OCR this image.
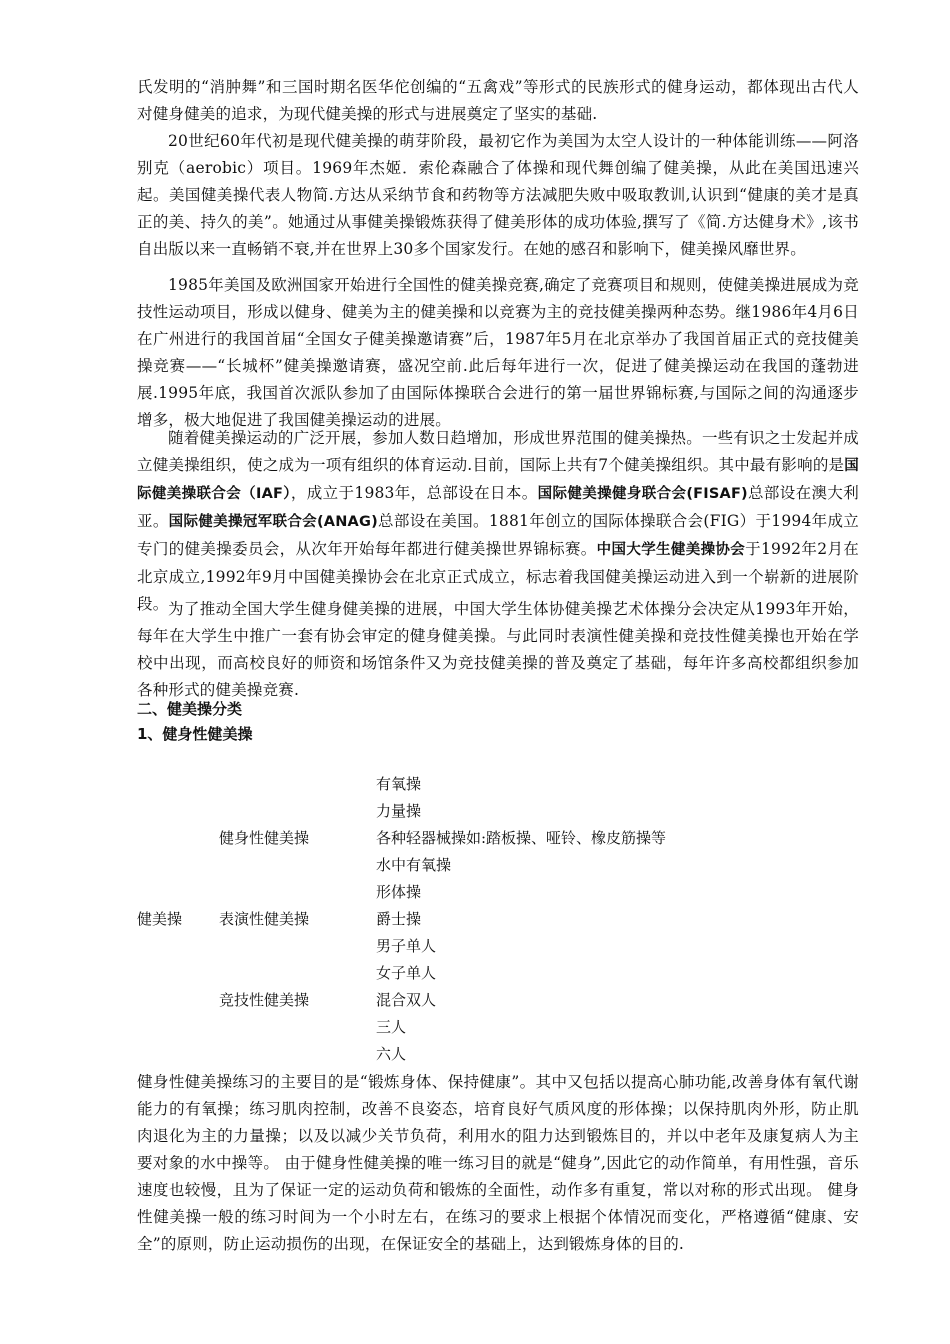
氏发明的“消肿舞”和三国时期名医华佗创编的“五禽戏”等形式的民族形式的健身运动，都体现出古代人对健身健美的追求，为现代健美操的形式与进展奠定了坚实的基础.

20世纪60年代初是现代健美操的萌芽阶段，最初它作为美国为太空人设计的一种体能训练——阿洛别克（aerobic）项目。1969年杰姬．索伦森融合了体操和现代舞创编了健美操，从此在美国迅速兴起。美国健美操代表人物简.方达从采纳节食和药物等方法减肥失败中吸取教训,认识到“健康的美才是真正的美、持久的美”。她通过从事健美操锻炼获得了健美形体的成功体验,撰写了《简.方达健身术》,该书自出版以来一直畅销不衰,并在世界上30多个国家发行。在她的感召和影响下，健美操风靡世界。

1985年美国及欧洲国家开始进行全国性的健美操竞赛,确定了竞赛项目和规则，使健美操进展成为竞技性运动项目，形成以健身、健美为主的健美操和以竞赛为主的竞技健美操两种态势。继1986年4月6日在广州进行的我国首届“全国女子健美操邀请赛”后，1987年5月在北京举办了我国首届正式的竞技健美操竞赛——“长城杯”健美操邀请赛，盛况空前.此后每年进行一次，促进了健美操运动在我国的蓬勃进展.1995年底，我国首次派队参加了由国际体操联合会进行的第一届世界锦标赛,与国际之间的沟通逐步增多，极大地促进了我国健美操运动的进展。

随着健美操运动的广泛开展，参加人数日趋增加，形成世界范围的健美操热。一些有识之士发起并成立健美操组织，使之成为一项有组织的体育运动.目前，国际上共有7个健美操组织。其中最有影响的是国际健美操联合会（IAF），成立于1983年，总部设在日本。国际健美操健身联合会(FISAF)总部设在澳大利亚。国际健美操冠军联合会(ANAG)总部设在美国。1881年创立的国际体操联合会(FIG）于1994年成立专门的健美操委员会，从次年开始每年都进行健美操世界锦标赛。中国大学生健美操协会于1992年2月在北京成立,1992年9月中国健美操协会在北京正式成立，标志着我国健美操运动进入到一个崭新的进展阶段。 为了推动全国大学生健身健美操的进展，中国大学生体协健美操艺术体操分会决定从1993年开始，每年在大学生中推广一套有协会审定的健身健美操。与此同时表演性健美操和竞技性健美操也开始在学校中出现，而高校良好的师资和场馆条件又为竞技健美操的普及奠定了基础，每年许多高校都组织参加各种形式的健美操竞赛.

二、健美操分类
1、健身性健美操
健美操
健身性健美操
表演性健美操
竞技性健美操
有氧操
力量操
各种轻器械操如:踏板操、哑铃、橡皮筋操等
水中有氧操
形体操
爵士操
男子单人
女子单人
混合双人
三人
六人

健身性健美操练习的主要目的是“锻炼身体、保持健康”。其中又包括以提高心肺功能,改善身体有氧代谢能力的有氧操；练习肌肉控制，改善不良姿态，培育良好气质风度的形体操；以保持肌肉外形，防止肌肉退化为主的力量操；以及以减少关节负荷，利用水的阻力达到锻炼目的，并以中老年及康复病人为主要对象的水中操等。 由于健身性健美操的唯一练习目的就是“健身”,因此它的动作简单，有用性强，音乐速度也较慢，且为了保证一定的运动负荷和锻炼的全面性，动作多有重复，常以对称的形式出现。 健身性健美操一般的练习时间为一个小时左右，在练习的要求上根据个体情况而变化，严格遵循“健康、安全”的原则，防止运动损伤的出现，在保证安全的基础上，达到锻炼身体的目的.
